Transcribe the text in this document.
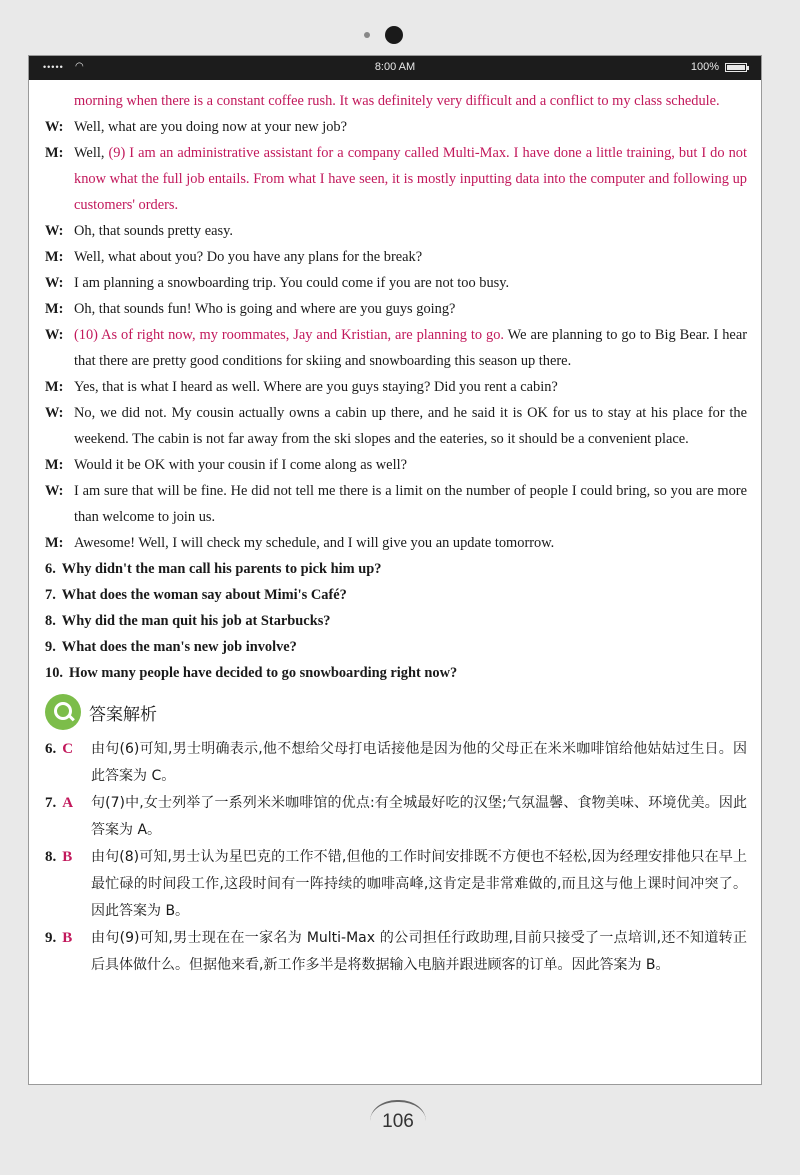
••••• ◠	8:00 AM	100%
morning when there is a constant coffee rush. It was definitely very difficult and a conflict to my class schedule.
W: Well, what are you doing now at your new job?
M: Well, (9) I am an administrative assistant for a company called Multi-Max. I have done a little training, but I do not know what the full job entails. From what I have seen, it is mostly inputting data into the computer and following up customers' orders.
W: Oh, that sounds pretty easy.
M: Well, what about you? Do you have any plans for the break?
W: I am planning a snowboarding trip. You could come if you are not too busy.
M: Oh, that sounds fun! Who is going and where are you guys going?
W: (10) As of right now, my roommates, Jay and Kristian, are planning to go. We are planning to go to Big Bear. I hear that there are pretty good conditions for skiing and snowboarding this season up there.
M: Yes, that is what I heard as well. Where are you guys staying? Did you rent a cabin?
W: No, we did not. My cousin actually owns a cabin up there, and he said it is OK for us to stay at his place for the weekend. The cabin is not far away from the ski slopes and the eateries, so it should be a convenient place.
M: Would it be OK with your cousin if I come along as well?
W: I am sure that will be fine. He did not tell me there is a limit on the number of people I could bring, so you are more than welcome to join us.
M: Awesome! Well, I will check my schedule, and I will give you an update tomorrow.
6. Why didn't the man call his parents to pick him up?
7. What does the woman say about Mimi's Café?
8. Why did the man quit his job at Starbucks?
9. What does the man's new job involve?
10. How many people have decided to go snowboarding right now?
答案解析
6. C 由句(6)可知,男士明确表示,他不想给父母打电话接他是因为他的父母正在米米咖啡馆给他姑姑过生日。因此答案为 C。
7. A 句(7)中,女士列举了一系列米米咖啡馆的优点:有全城最好吃的汉堡;气氛温馨、食物美味、环境优美。因此答案为 A。
8. B 由句(8)可知,男士认为星巴克的工作不错,但他的工作时间安排既不方便也不轻松,因为经理安排他只在早上最忙碌的时间段工作,这段时间有一阵持续的咖啡高峰,这肯定是非常难做的,而且这与他上课时间冲突了。因此答案为 B。
9. B 由句(9)可知,男士现在在一家名为 Multi-Max 的公司担任行政助理,目前只接受了一点培训,还不知道转正后具体做什么。但据他来看,新工作多半是将数据输入电脑并跟进顾客的订单。因此答案为 B。
106
